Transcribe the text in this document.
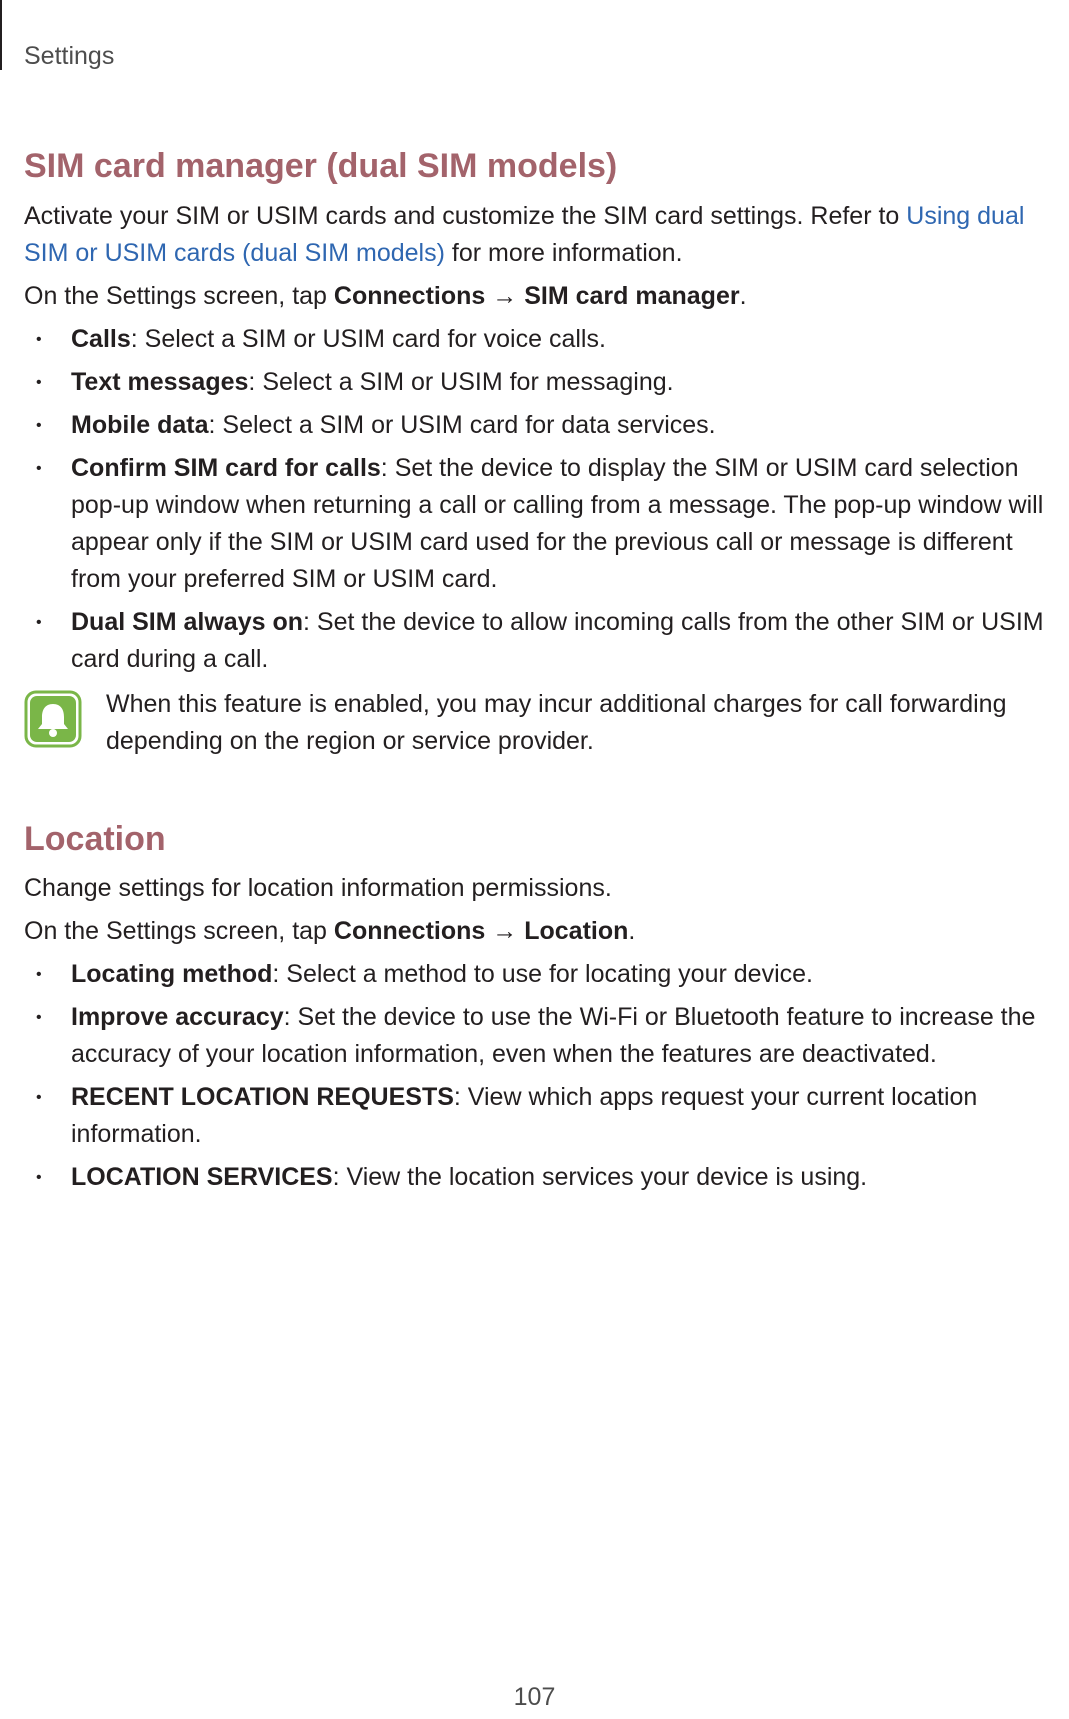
Settings
SIM card manager (dual SIM models)

Activate your SIM or USIM cards and customize the SIM card settings. Refer to Using dual SIM or USIM cards (dual SIM models) for more information.

On the Settings screen, tap Connections → SIM card manager.

• Calls: Select a SIM or USIM card for voice calls.
• Text messages: Select a SIM or USIM for messaging.
• Mobile data: Select a SIM or USIM card for data services.
• Confirm SIM card for calls: Set the device to display the SIM or USIM card selection pop-up window when returning a call or calling from a message. The pop-up window will appear only if the SIM or USIM card used for the previous call or message is different from your preferred SIM or USIM card.
• Dual SIM always on: Set the device to allow incoming calls from the other SIM or USIM card during a call.
When this feature is enabled, you may incur additional charges for call forwarding depending on the region or service provider.
Location

Change settings for location information permissions.

On the Settings screen, tap Connections → Location.

• Locating method: Select a method to use for locating your device.
• Improve accuracy: Set the device to use the Wi-Fi or Bluetooth feature to increase the accuracy of your location information, even when the features are deactivated.
• RECENT LOCATION REQUESTS: View which apps request your current location information.
• LOCATION SERVICES: View the location services your device is using.
107
